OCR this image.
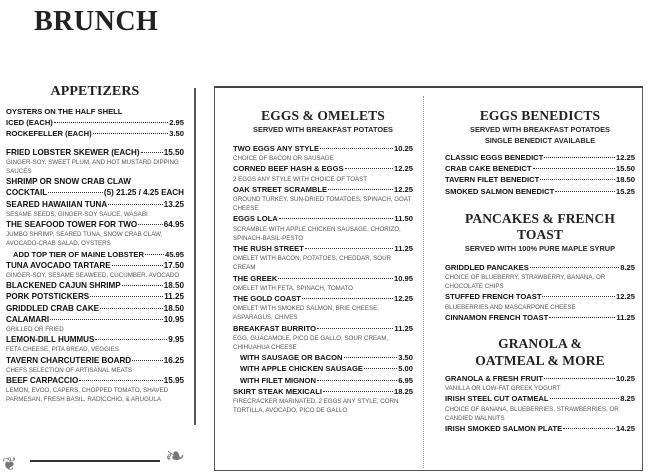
BRUNCH
APPETIZERS
OYSTERS ON THE HALF SHELL
ICED (EACH)	2.95
ROCKEFELLER (EACH)	3.50
FRIED LOBSTER SKEWER (EACH)	15.50
GINGER-SOY, SWEET PLUM, AND HOT MUSTARD DIPPING SAUCES
SHRIMP OR SNOW CRAB CLAW
COCKTAIL	(5) 21.25 / 4.25 EACH
SEARED HAWAIIAN TUNA	13.25
SESAME SEEDS, GINGER-SOY SAUCE, WASABI
THE SEAFOOD TOWER FOR TWO	64.95
JUMBO SHRIMP, SEARED TUNA, SNOW CRAB CLAW, AVOCADO-CRAB SALAD, OYSTERS
ADD TOP TIER OF MAINE LOBSTER	45.95
TUNA AVOCADO TARTARE	17.50
GINGER-SOY, SESAME SEAWEED, CUCUMBER, AVOCADO
BLACKENED CAJUN SHRIMP	18.50
PORK POTSTICKERS	11.25
GRIDDLED CRAB CAKE	18.50
CALAMARI	10.95
GRILLED OR FRIED
LEMON-DILL HUMMUS	9.95
FETA CHEESE, PITA BREAD, VEGGIES
TAVERN CHARCUTERIE BOARD	16.25
CHEFS SELECTION OF ARTISANAL MEATS
BEEF CARPACCIO	15.95
LEMON, EVOO, CAPERS, CHOPPED TOMATO, SHAVED PARMESAN, FRESH BASIL, RADICCHIO, & ARUGULA
❦	❧
EGGS & OMELETS
SERVED WITH BREAKFAST POTATOES
TWO EGGS ANY STYLE	10.25
CHOICE OF BACON OR SAUSAGE
CORNED BEEF HASH & EGGS	12.25
2 EGGS ANY STYLE WITH CHOICE OF TOAST
OAK STREET SCRAMBLE	12.25
GROUND TURKEY, SUN-DRIED TOMATOES, SPINACH, GOAT CHEESE
EGGS LOLA	11.50
SCRAMBLE WITH APPLE CHICKEN SAUSAGE, CHORIZO, SPINACH-BASIL-PESTO
THE RUSH STREET	11.25
OMELET WITH BACON, POTATOES, CHEDDAR, SOUR CREAM
THE GREEK	10.95
OMELET WITH FETA, SPINACH, TOMATO
THE GOLD COAST	12.25
OMELET WITH SMOKED SALMON, BRIE CHEESE, ASPARAGUS, CHIVES
BREAKFAST BURRITO	11.25
EGG, GUACAMOLE, PICO DE GALLO, SOUR CREAM, CHIHUAHUA CHEESE
WITH SAUSAGE OR BACON	3.50
WITH APPLE CHICKEN SAUSAGE	5.00
WITH FILET MIGNON	6.95
SKIRT STEAK MEXICALI	18.25
FIRECRACKER MARINATED, 2 EGGS ANY STYLE, CORN TORTILLA, AVOCADO, PICO DE GALLO
EGGS BENEDICTS
SERVED WITH BREAKFAST POTATOES
SINGLE BENEDICT AVAILABLE
CLASSIC EGGS BENEDICT	12.25
CRAB CAKE BENEDICT	15.50
TAVERN FILET BENEDICT	18.50
SMOKED SALMON BENEDICT	15.25
PANCAKES & FRENCH TOAST
SERVED WITH 100% PURE MAPLE SYRUP
GRIDDLED PANCAKES	8.25
CHOICE OF BLUEBERRY, STRAWBERRY, BANANA, OR CHOCOLATE CHIPS
STUFFED FRENCH TOAST	12.25
BLUEBERRIES AND MASCARPONE CHEESE
CINNAMON FRENCH TOAST	11.25
GRANOLA & OATMEAL & MORE
GRANOLA & FRESH FRUIT	10.25
VANILLA OR LOW-FAT GREEK YOGURT
IRISH STEEL CUT OATMEAL	8.25
CHOICE OF BANANA, BLUEBERRIES, STRAWBERRIES, OR CANDIED WALNUTS
IRISH SMOKED SALMON PLATE	14.25
